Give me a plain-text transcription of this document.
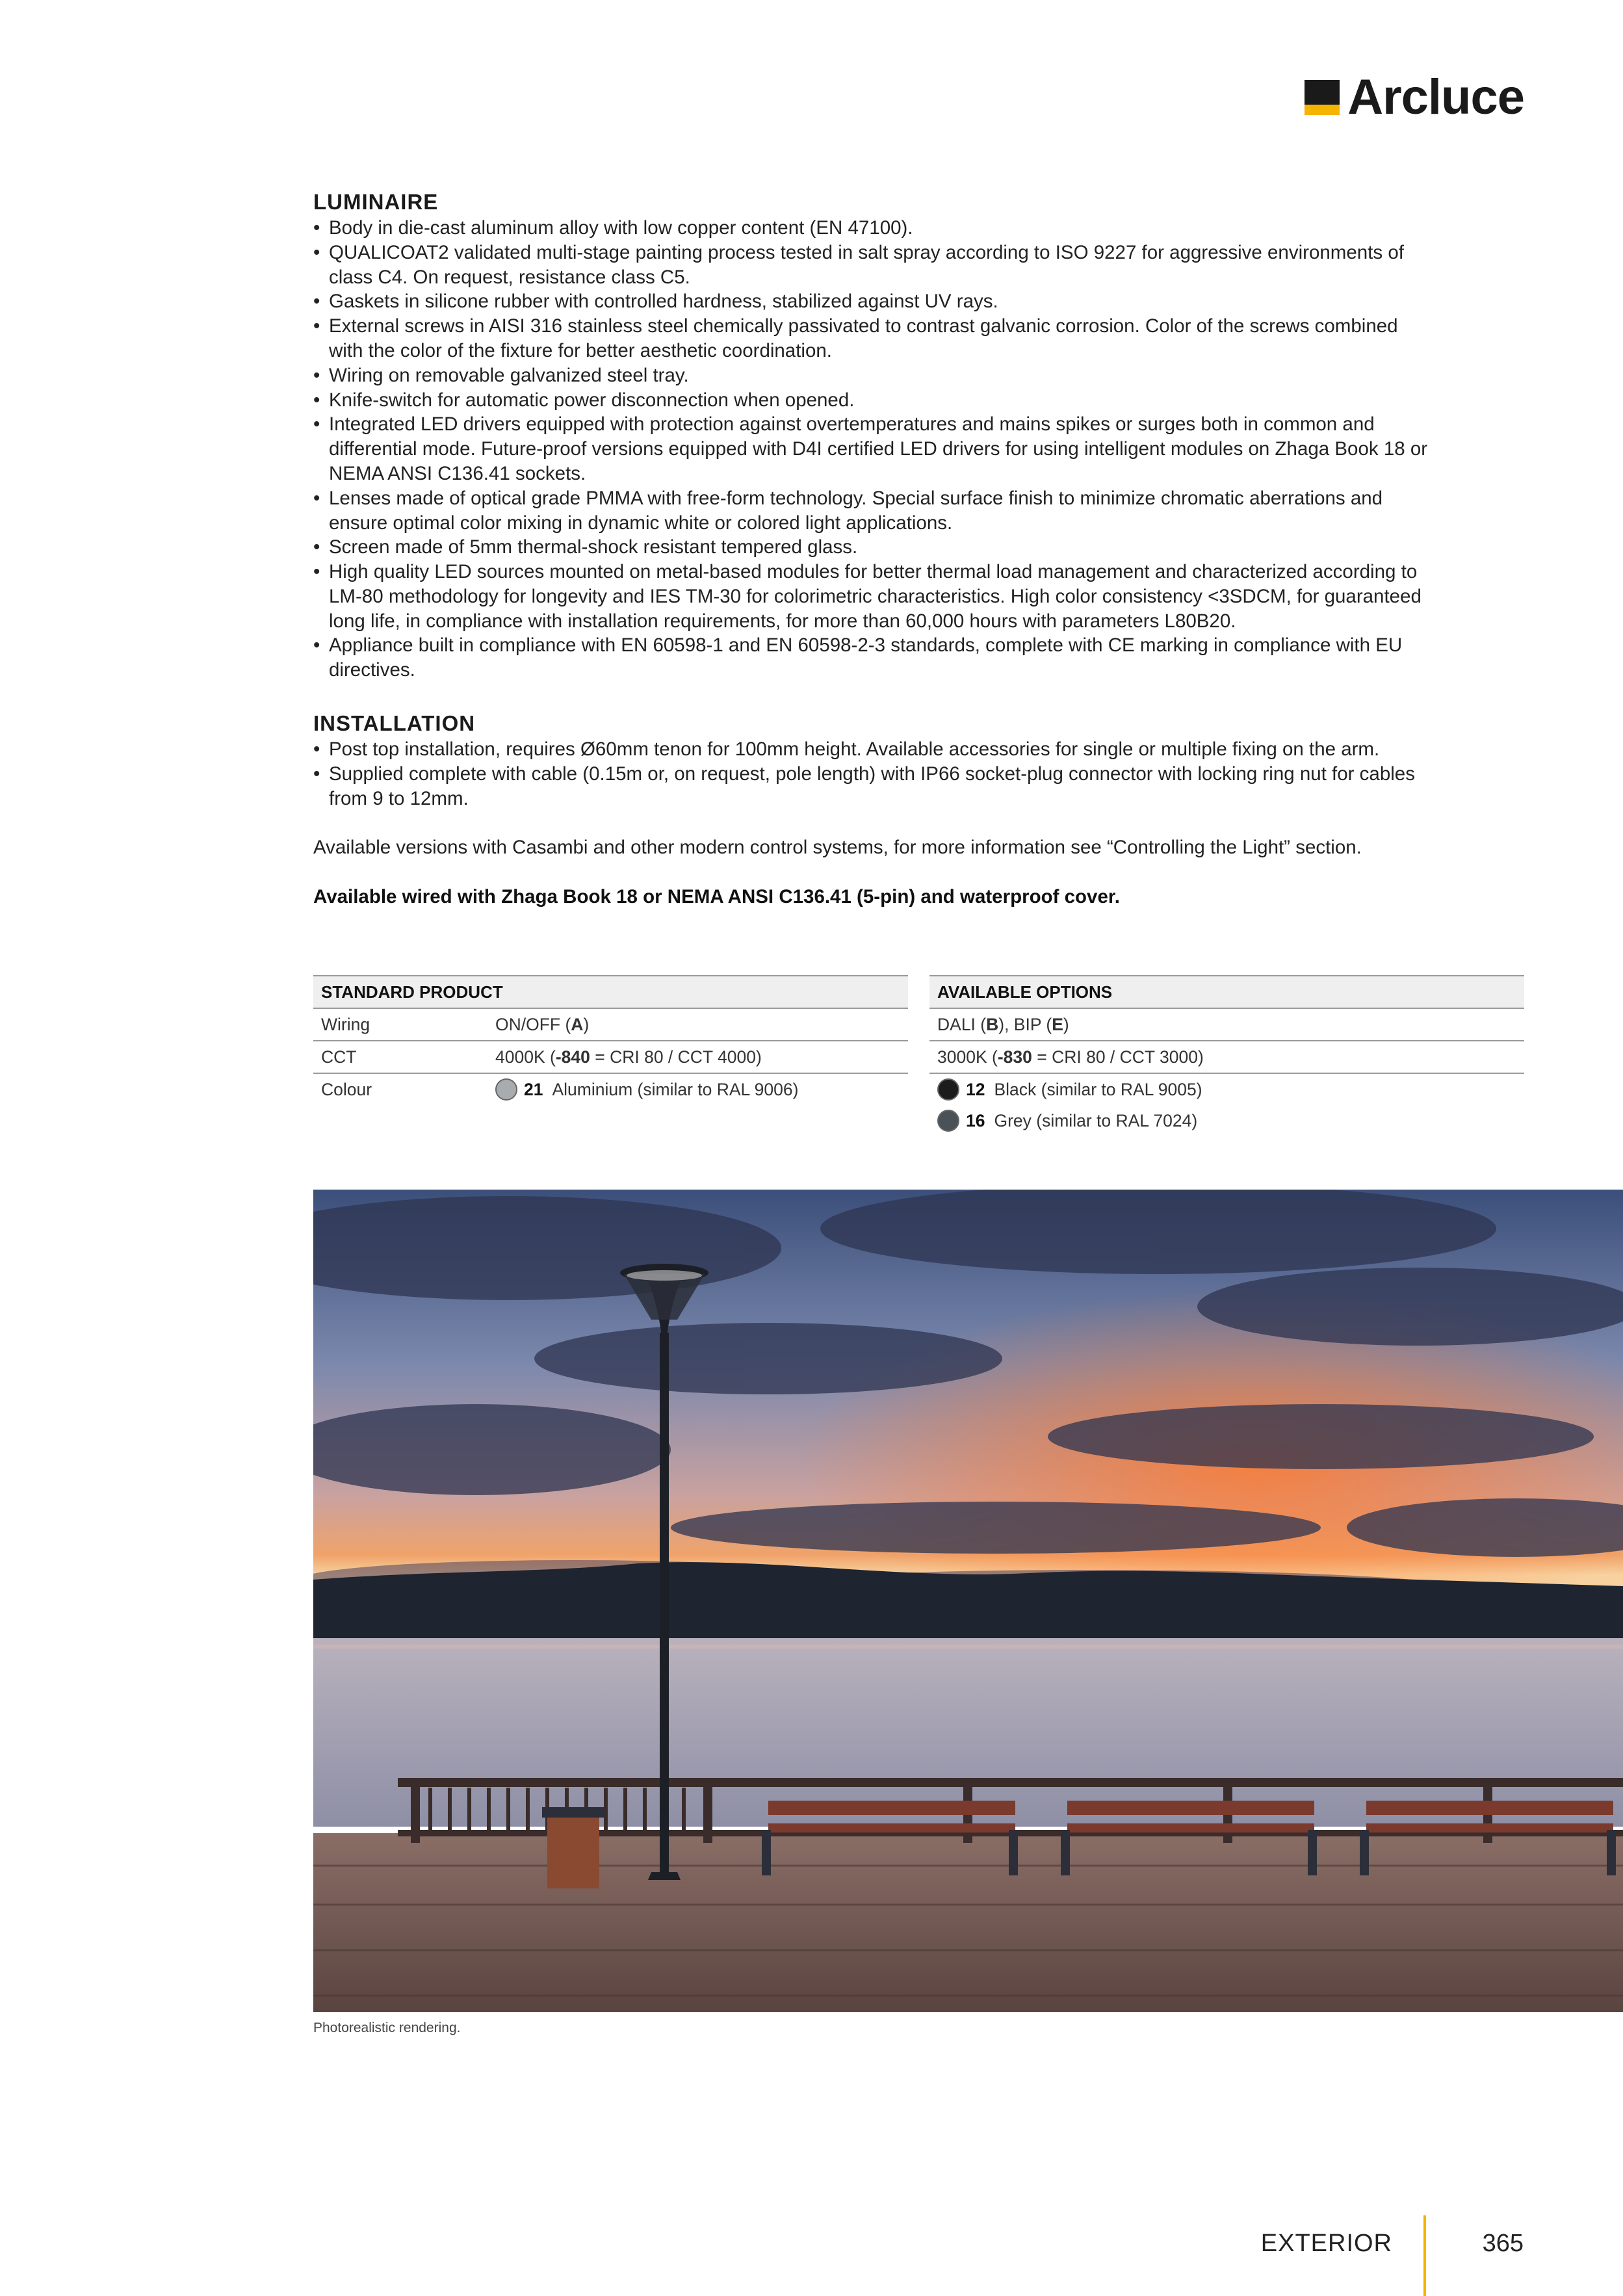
Arcluce
LUMINAIRE
• Body in die-cast aluminum alloy with low copper content (EN 47100).
• QUALICOAT2 validated multi-stage painting process tested in salt spray according to ISO 9227 for aggressive environments of class C4. On request, resistance class C5.
• Gaskets in silicone rubber with controlled hardness, stabilized against UV rays.
• External screws in AISI 316 stainless steel chemically passivated to contrast galvanic corrosion. Color of the screws combined with the color of the fixture for better aesthetic coordination.
• Wiring on removable galvanized steel tray.
• Knife-switch for automatic power disconnection when opened.
• Integrated LED drivers equipped with protection against overtemperatures and mains spikes or surges both in common and differential mode. Future-proof versions equipped with D4I certified LED drivers for using intelligent modules on Zhaga Book 18 or NEMA ANSI C136.41 sockets.
• Lenses made of optical grade PMMA with free-form technology. Special surface finish to minimize chromatic aberrations and ensure optimal color mixing in dynamic white or colored light applications.
• Screen made of 5mm thermal-shock resistant tempered glass.
• High quality LED sources mounted on metal-based modules for better thermal load management and characterized according to LM-80 methodology for longevity and IES TM-30 for colorimetric characteristics. High color consistency <3SDCM, for guaranteed long life, in compliance with installation requirements, for more than 60,000 hours with parameters L80B20.
• Appliance built in compliance with EN 60598-1 and EN 60598-2-3 standards, complete with CE marking in compliance with EU directives.
INSTALLATION
• Post top installation, requires Ø60mm tenon for 100mm height. Available accessories for single or multiple fixing on the arm.
• Supplied complete with cable (0.15m or, on request, pole length) with IP66 socket-plug connector with locking ring nut for cables from 9 to 12mm.

Available versions with Casambi and other modern control systems, for more information see “Controlling the Light” section.

Available wired with Zhaga Book 18 or NEMA ANSI C136.41 (5-pin) and waterproof cover.

STANDARD PRODUCT
Wiring	ON/OFF (A)
CCT	4000K (-840 = CRI 80 / CCT 4000)
Colour	21 Aluminium (similar to RAL 9006)
AVAILABLE OPTIONS
DALI (B), BIP (E)
3000K (-830 = CRI 80 / CCT 3000)
12 Black (similar to RAL 9005)
16 Grey (similar to RAL 7024)
Photorealistic rendering.
EXTERIOR	365
